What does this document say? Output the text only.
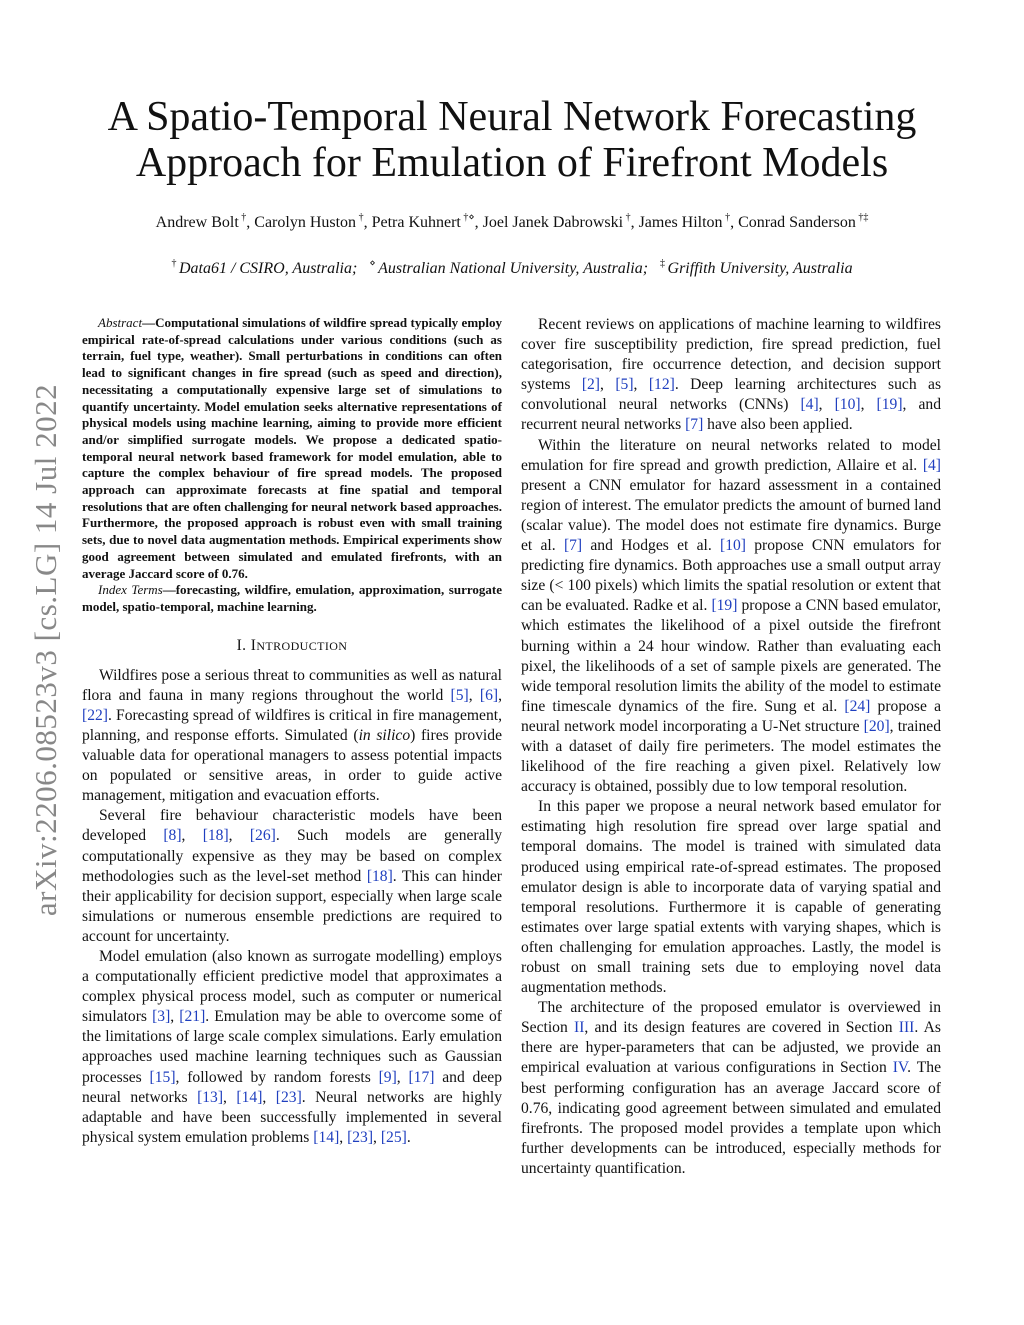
arXiv:2206.08523v3 [cs.LG] 14 Jul 2022
A Spatio-Temporal Neural Network Forecasting
Approach for Emulation of Firefront Models
Andrew Bolt †, Carolyn Huston †, Petra Kuhnert †⋄, Joel Janek Dabrowski †, James Hilton †, Conrad Sanderson †‡
† Data61 / CSIRO, Australia; ⋄ Australian National University, Australia; ‡ Griffith University, Australia

Abstract—Computational simulations of wildfire spread typically employ empirical rate-of-spread calculations under various conditions (such as terrain, fuel type, weather). Small perturbations in conditions can often lead to significant changes in fire spread (such as speed and direction), necessitating a computationally expensive large set of simulations to quantify uncertainty. Model emulation seeks alternative representations of physical models using machine learning, aiming to provide more efficient and/or simplified surrogate models. We propose a dedicated spatio-temporal neural network based framework for model emulation, able to capture the complex behaviour of fire spread models. The proposed approach can approximate forecasts at fine spatial and temporal resolutions that are often challenging for neural network based approaches. Furthermore, the proposed approach is robust even with small training sets, due to novel data augmentation methods. Empirical experiments show good agreement between simulated and emulated firefronts, with an average Jaccard score of 0.76.

Index Terms—forecasting, wildfire, emulation, approximation, surrogate model, spatio-temporal, machine learning.

I. INTRODUCTION

Wildfires pose a serious threat to communities as well as natural flora and fauna in many regions throughout the world [5], [6], [22]. Forecasting spread of wildfires is critical in fire management, planning, and response efforts. Simulated (in silico) fires provide valuable data for operational managers to assess potential impacts on populated or sensitive areas, in order to guide active management, mitigation and evacuation efforts.

Several fire behaviour characteristic models have been developed [8], [18], [26]. Such models are generally computationally expensive as they may be based on complex methodologies such as the level-set method [18]. This can hinder their applicability for decision support, especially when large scale simulations or numerous ensemble predictions are required to account for uncertainty.

Model emulation (also known as surrogate modelling) employs a computationally efficient predictive model that approximates a complex physical process model, such as computer or numerical simulators [3], [21]. Emulation may be able to overcome some of the limitations of large scale complex simulations. Early emulation approaches used machine learning techniques such as Gaussian processes [15], followed by random forests [9], [17] and deep neural networks [13], [14], [23]. Neural networks are highly adaptable and have been successfully implemented in several physical system emulation problems [14], [23], [25].

Recent reviews on applications of machine learning to wildfires cover fire susceptibility prediction, fire spread prediction, fuel categorisation, fire occurrence detection, and decision support systems [2], [5], [12]. Deep learning architectures such as convolutional neural networks (CNNs) [4], [10], [19], and recurrent neural networks [7] have also been applied.

Within the literature on neural networks related to model emulation for fire spread and growth prediction, Allaire et al. [4] present a CNN emulator for hazard assessment in a contained region of interest. The emulator predicts the amount of burned land (scalar value). The model does not estimate fire dynamics. Burge et al. [7] and Hodges et al. [10] propose CNN emulators for predicting fire dynamics. Both approaches use a small output array size (< 100 pixels) which limits the spatial resolution or extent that can be evaluated. Radke et al. [19] propose a CNN based emulator, which estimates the likelihood of a pixel outside the firefront burning within a 24 hour window. Rather than evaluating each pixel, the likelihoods of a set of sample pixels are generated. The wide temporal resolution limits the ability of the model to estimate fine timescale dynamics of the fire. Sung et al. [24] propose a neural network model incorporating a U-Net structure [20], trained with a dataset of daily fire perimeters. The model estimates the likelihood of the fire reaching a given pixel. Relatively low accuracy is obtained, possibly due to low temporal resolution.

In this paper we propose a neural network based emulator for estimating high resolution fire spread over large spatial and temporal domains. The model is trained with simulated data produced using empirical rate-of-spread estimates. The proposed emulator design is able to incorporate data of varying spatial and temporal resolutions. Furthermore it is capable of generating estimates over large spatial extents with varying shapes, which is often challenging for emulation approaches. Lastly, the model is robust on small training sets due to employing novel data augmentation methods.

The architecture of the proposed emulator is overviewed in Section II, and its design features are covered in Section III. As there are hyper-parameters that can be adjusted, we provide an empirical evaluation at various configurations in Section IV. The best performing configuration has an average Jaccard score of 0.76, indicating good agreement between simulated and emulated firefronts. The proposed model provides a template upon which further developments can be introduced, especially methods for uncertainty quantification.
